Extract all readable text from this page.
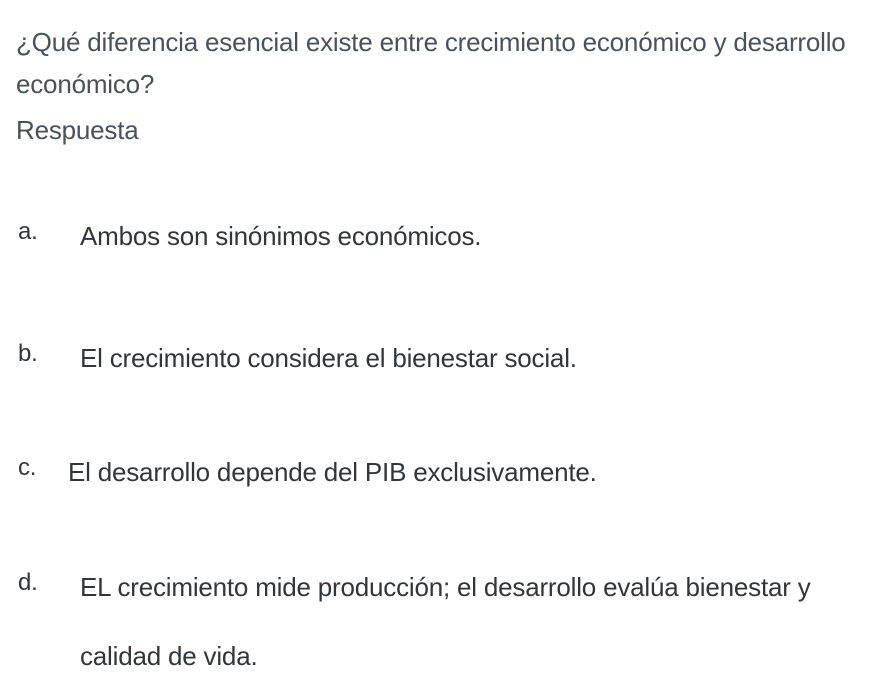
¿Qué diferencia esencial existe entre crecimiento económico y desarrollo económico?
Respuesta
a.	Ambos son sinónimos económicos.
b.	El crecimiento considera el bienestar social.
c.	El desarrollo depende del PIB exclusivamente.
d.	EL crecimiento mide producción; el desarrollo evalúa bienestar y calidad de vida.
